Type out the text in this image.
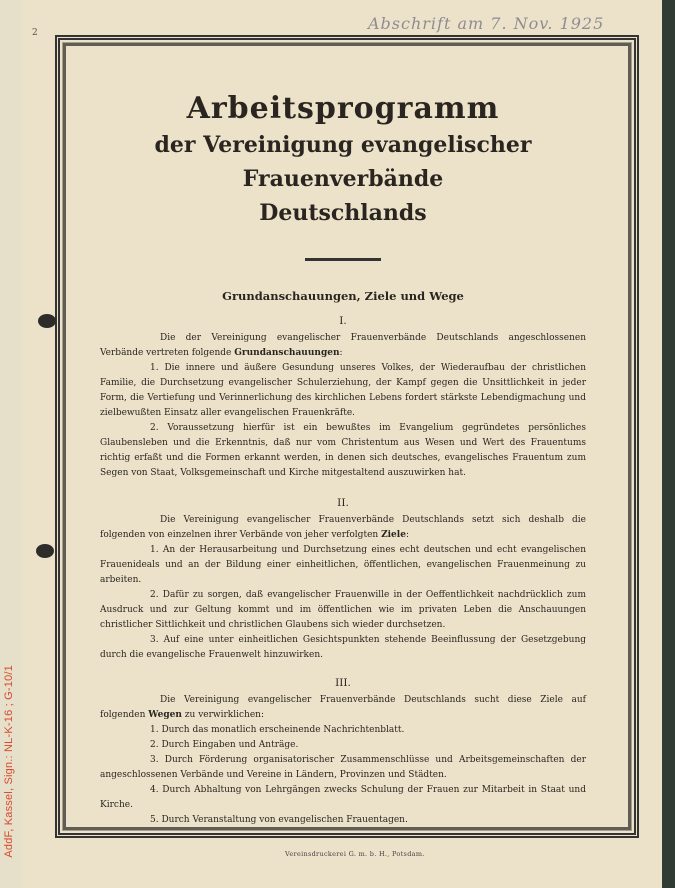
AddF, Kassel, Sign.: NL-K-16 ; G-10/1
2	Abschrift am 7. Nov. 1925
Arbeitsprogramm
der Vereinigung evangelischer Frauenverbände
Deutschlands
Grundanschauungen, Ziele und Wege
I.

Die der Vereinigung evangelischer Frauenverbände Deutschlands angeschlossenen Verbände vertreten folgende Grundanschauungen:

1. Die innere und äußere Gesundung unseres Volkes, der Wiederaufbau der christlichen Familie, die Durchsetzung evangelischer Schulerziehung, der Kampf gegen die Unsittlichkeit in jeder Form, die Vertiefung und Verinnerlichung des kirchlichen Lebens fordert stärkste Lebendigmachung und zielbewußten Einsatz aller evangelischen Frauenkräfte.

2. Voraussetzung hierfür ist ein bewußtes im Evangelium gegründetes persönliches Glaubensleben und die Erkenntnis, daß nur vom Christentum aus Wesen und Wert des Frauentums richtig erfaßt und die Formen erkannt werden, in denen sich deutsches, evangelisches Frauentum zum Segen von Staat, Volksgemeinschaft und Kirche mitgestaltend auszuwirken hat.

II.

Die Vereinigung evangelischer Frauenverbände Deutschlands setzt sich deshalb die folgenden von einzelnen ihrer Verbände von jeher verfolgten Ziele:

1. An der Herausarbeitung und Durchsetzung eines echt deutschen und echt evangelischen Frauenideals und an der Bildung einer einheitlichen, öffentlichen, evangelischen Frauenmeinung zu arbeiten.

2. Dafür zu sorgen, daß evangelischer Frauenwille in der Oeffentlichkeit nachdrücklich zum Ausdruck und zur Geltung kommt und im öffentlichen wie im privaten Leben die Anschauungen christlicher Sittlichkeit und christlichen Glaubens sich wieder durchsetzen.

3. Auf eine unter einheitlichen Gesichtspunkten stehende Beeinflussung der Gesetzgebung durch die evangelische Frauenwelt hinzuwirken.

III.

Die Vereinigung evangelischer Frauenverbände Deutschlands sucht diese Ziele auf folgenden Wegen zu verwirklichen:

1. Durch das monatlich erscheinende Nachrichtenblatt.

2. Durch Eingaben und Anträge.

3. Durch Förderung organisatorischer Zusammenschlüsse und Arbeitsgemeinschaften der angeschlossenen Verbände und Vereine in Ländern, Provinzen und Städten.

4. Durch Abhaltung von Lehrgängen zwecks Schulung der Frauen zur Mitarbeit in Staat und Kirche.

5. Durch Veranstaltung von evangelischen Frauentagen.

Vereinsdruckerei G. m. b. H., Potsdam.
